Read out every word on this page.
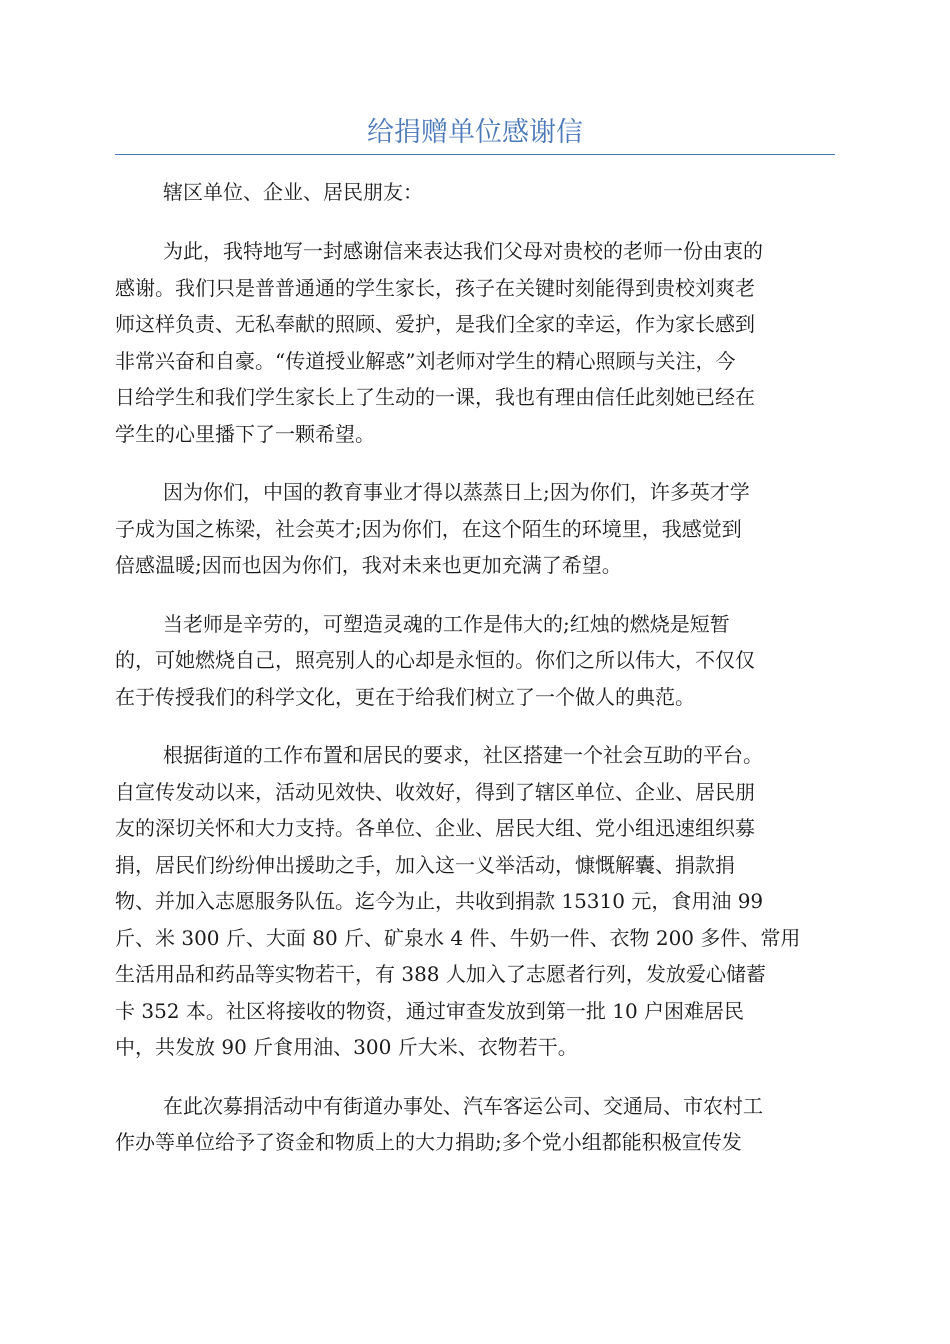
给捐赠单位感谢信

辖区单位、企业、居民朋友：

为此，我特地写一封感谢信来表达我们父母对贵校的老师一份由衷的
感谢。我们只是普普通通的学生家长，孩子在关键时刻能得到贵校刘爽老
师这样负责、无私奉献的照顾、爱护，是我们全家的幸运，作为家长感到
非常兴奋和自豪。“传道授业解惑”刘老师对学生的精心照顾与关注，今
日给学生和我们学生家长上了生动的一课，我也有理由信任此刻她已经在
学生的心里播下了一颗希望。
因为你们，中国的教育事业才得以蒸蒸日上;因为你们，许多英才学
子成为国之栋梁，社会英才;因为你们，在这个陌生的环境里，我感觉到
倍感温暖;因而也因为你们，我对未来也更加充满了希望。
当老师是辛劳的，可塑造灵魂的工作是伟大的;红烛的燃烧是短暂
的，可她燃烧自己，照亮别人的心却是永恒的。你们之所以伟大，不仅仅
在于传授我们的科学文化，更在于给我们树立了一个做人的典范。
根据街道的工作布置和居民的要求，社区搭建一个社会互助的平台。
自宣传发动以来，活动见效快、收效好，得到了辖区单位、企业、居民朋
友的深切关怀和大力支持。各单位、企业、居民大组、党小组迅速组织募
捐，居民们纷纷伸出援助之手，加入这一义举活动，慷慨解囊、捐款捐
物、并加入志愿服务队伍。迄今为止，共收到捐款 15310 元，食用油 99
斤、米 300 斤、大面 80 斤、矿泉水 4 件、牛奶一件、衣物 200 多件、常用
生活用品和药品等实物若干，有 388 人加入了志愿者行列，发放爱心储蓄
卡 352 本。社区将接收的物资，通过审查发放到第一批 10 户困难居民
中，共发放 90 斤食用油、300 斤大米、衣物若干。
在此次募捐活动中有街道办事处、汽车客运公司、交通局、市农村工
作办等单位给予了资金和物质上的大力捐助;多个党小组都能积极宣传发
